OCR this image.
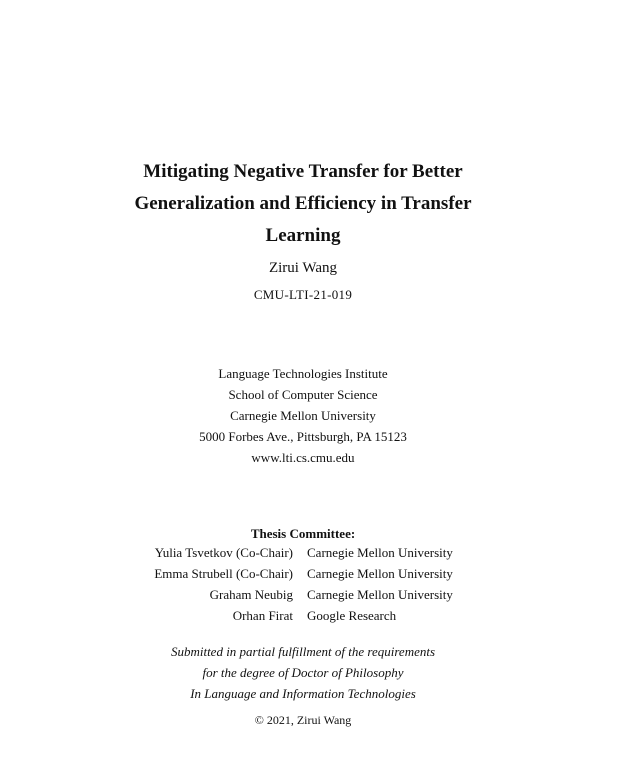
Mitigating Negative Transfer for Better
Generalization and Efficiency in Transfer
Learning
Zirui Wang
CMU-LTI-21-019
Language Technologies Institute
School of Computer Science
Carnegie Mellon University
5000 Forbes Ave., Pittsburgh, PA 15123
www.lti.cs.cmu.edu
Thesis Committee:
Yulia Tsvetkov (Co-Chair) Carnegie Mellon University
Emma Strubell (Co-Chair) Carnegie Mellon University
Graham Neubig Carnegie Mellon University
Orhan Firat Google Research
Submitted in partial fulfillment of the requirements
for the degree of Doctor of Philosophy
In Language and Information Technologies
© 2021, Zirui Wang
